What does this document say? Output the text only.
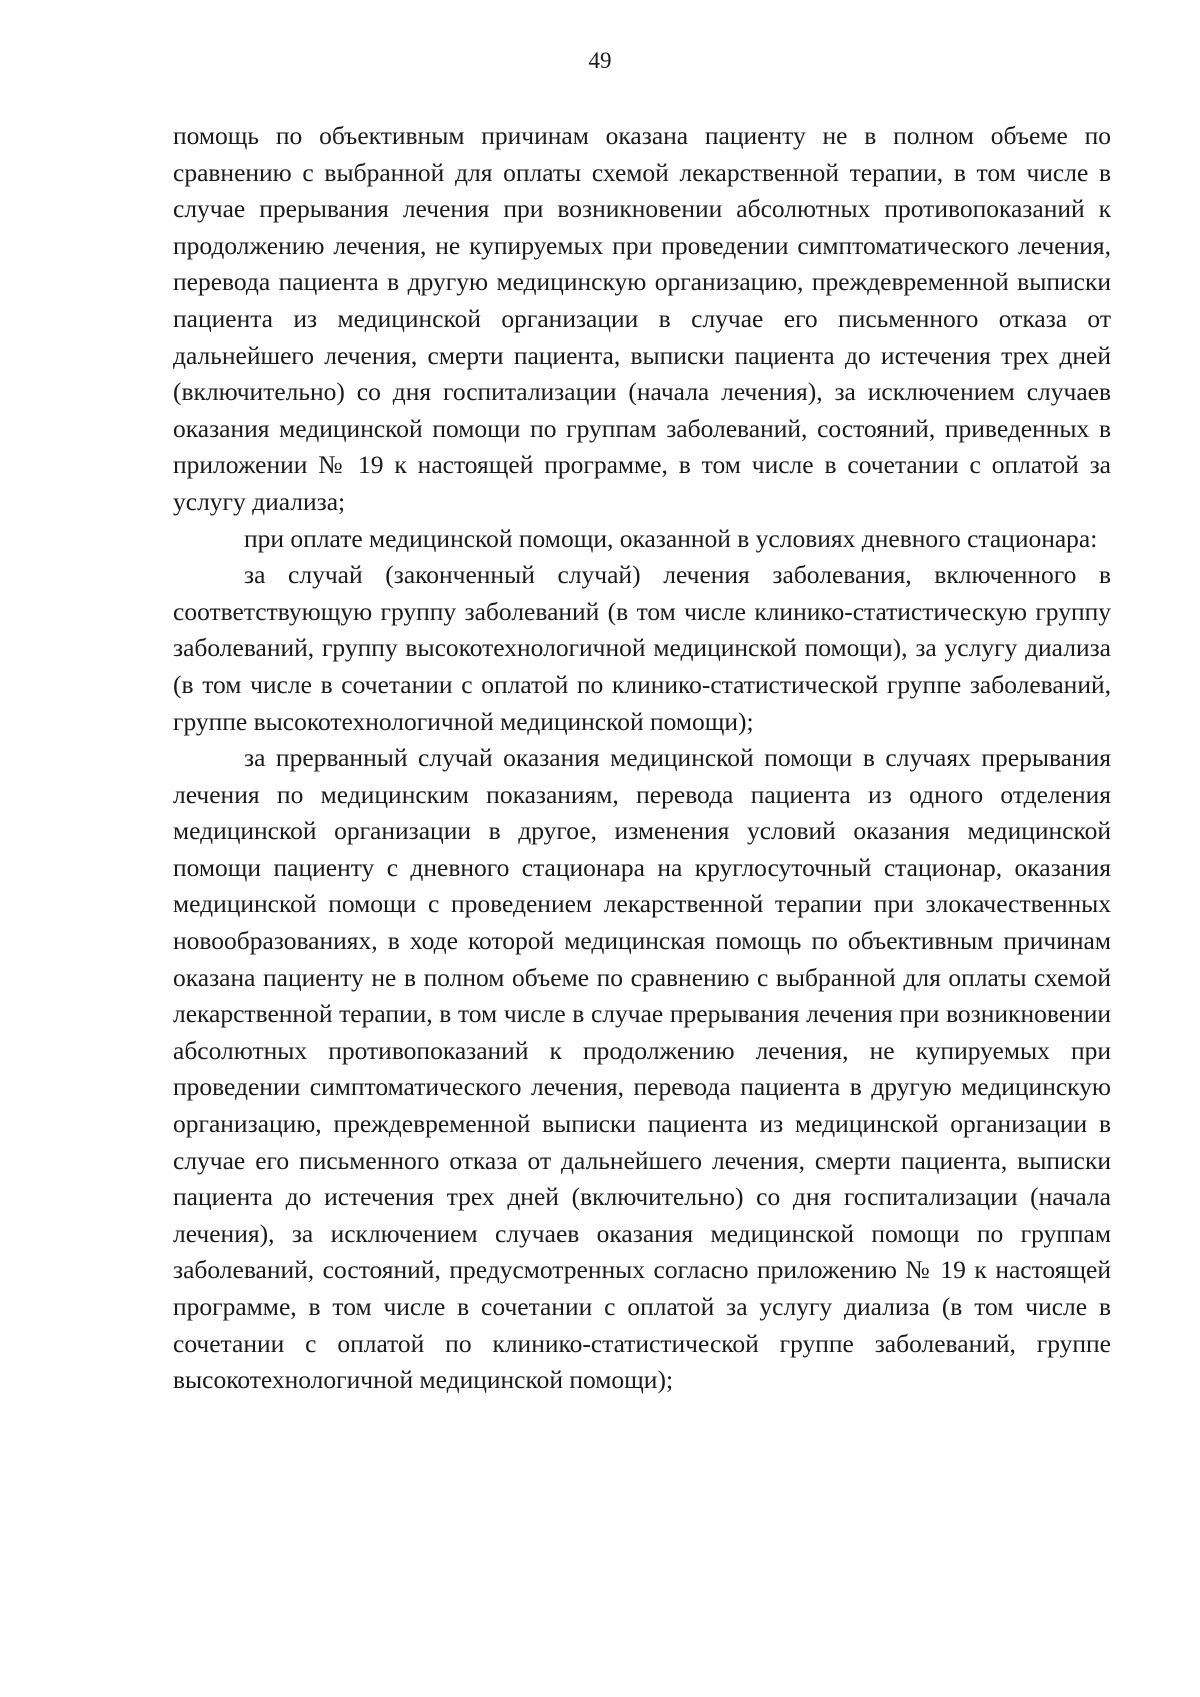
49

помощь по объективным причинам оказана пациенту не в полном объеме по сравнению с выбранной для оплаты схемой лекарственной терапии, в том числе в случае прерывания лечения при возникновении абсолютных противопоказаний к продолжению лечения, не купируемых при проведении симптоматического лечения, перевода пациента в другую медицинскую организацию, преждевременной выписки пациента из медицинской организации в случае его письменного отказа от дальнейшего лечения, смерти пациента, выписки пациента до истечения трех дней (включительно) со дня госпитализации (начала лечения), за исключением случаев оказания медицинской помощи по группам заболеваний, состояний, приведенных в приложении № 19 к настоящей программе, в том числе в сочетании с оплатой за услугу диализа;

при оплате медицинской помощи, оказанной в условиях дневного стационара:

за случай (законченный случай) лечения заболевания, включенного в соответствующую группу заболеваний (в том числе клинико-статистическую группу заболеваний, группу высокотехнологичной медицинской помощи), за услугу диализа (в том числе в сочетании с оплатой по клинико-статистической группе заболеваний, группе высокотехнологичной медицинской помощи);

за прерванный случай оказания медицинской помощи в случаях прерывания лечения по медицинским показаниям, перевода пациента из одного отделения медицинской организации в другое, изменения условий оказания медицинской помощи пациенту с дневного стационара на круглосуточный стационар, оказания медицинской помощи с проведением лекарственной терапии при злокачественных новообразованиях, в ходе которой медицинская помощь по объективным причинам оказана пациенту не в полном объеме по сравнению с выбранной для оплаты схемой лекарственной терапии, в том числе в случае прерывания лечения при возникновении абсолютных противопоказаний к продолжению лечения, не купируемых при проведении симптоматического лечения, перевода пациента в другую медицинскую организацию, преждевременной выписки пациента из медицинской организации в случае его письменного отказа от дальнейшего лечения, смерти пациента, выписки пациента до истечения трех дней (включительно) со дня госпитализации (начала лечения), за исключением случаев оказания медицинской помощи по группам заболеваний, состояний, предусмотренных согласно приложению № 19 к настоящей программе, в том числе в сочетании с оплатой за услугу диализа (в том числе в сочетании с оплатой по клинико-статистической группе заболеваний, группе высокотехнологичной медицинской помощи);
